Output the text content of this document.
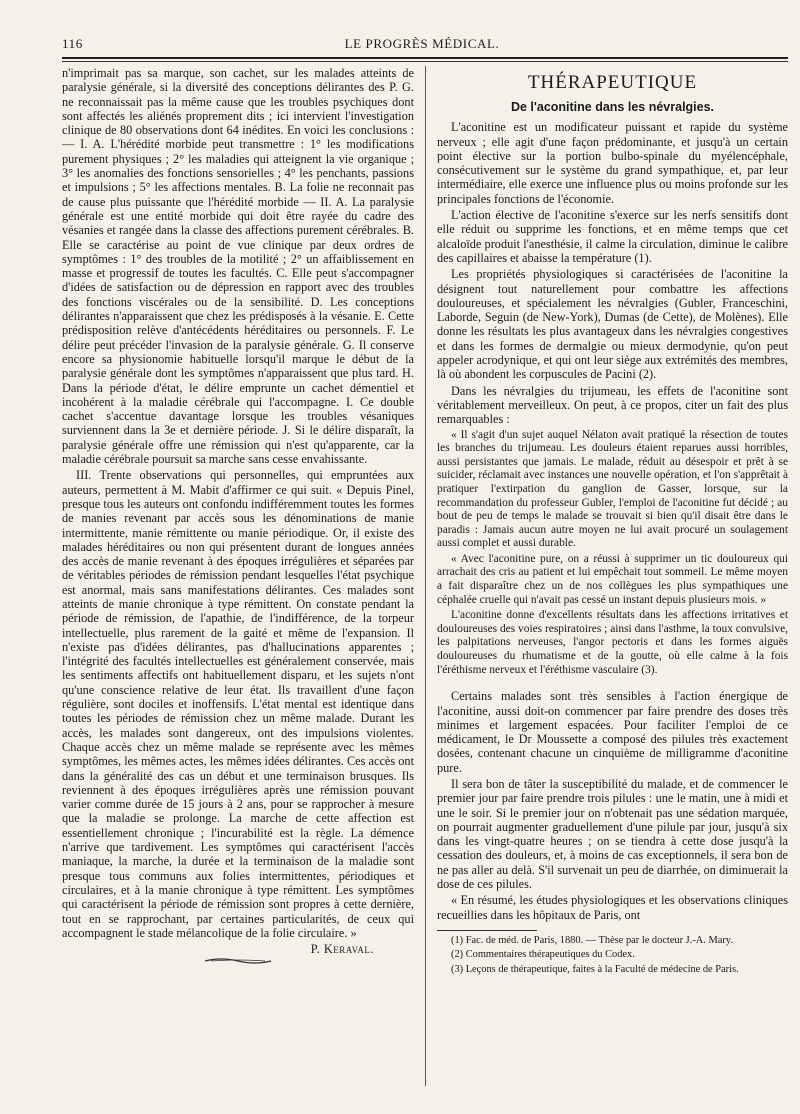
116	LE PROGRÈS MÉDICAL.

n'imprimait pas sa marque, son cachet, sur les malades atteints de paralysie générale, si la diversité des conceptions délirantes des P. G. ne reconnaissait pas la même cause que les troubles psychiques dont sont affectés les aliénés proprement dits ; ici intervient l'investigation clinique de 80 observations dont 64 inédites. En voici les conclusions : — I. A. L'hérédité morbide peut transmettre : 1° les modifications purement physiques ; 2° les maladies qui atteignent la vie organique ; 3° les anomalies des fonctions sensorielles ; 4° les penchants, passions et impulsions ; 5° les affections mentales. B. La folie ne reconnait pas de cause plus puissante que l'hérédité morbide — II. A. La paralysie générale est une entité morbide qui doit être rayée du cadre des vésanies et rangée dans la classe des affections purement cérébrales. B. Elle se caractérise au point de vue clinique par deux ordres de symptômes : 1° des troubles de la motilité ; 2° un affaiblissement en masse et progressif de toutes les facultés. C. Elle peut s'accompagner d'idées de satisfaction ou de dépression en rapport avec des troubles des fonctions viscérales ou de la sensibilité. D. Les conceptions délirantes n'apparaissent que chez les prédisposés à la vésanie. E. Cette prédisposition relève d'antécédents héréditaires ou personnels. F. Le délire peut précéder l'invasion de la paralysie générale. G. Il conserve encore sa physionomie habituelle lorsqu'il marque le début de la paralysie générale dont les symptômes n'apparaissent que plus tard. H. Dans la période d'état, le délire emprunte un cachet démentiel et incohérent à la maladie cérébrale qui l'accompagne. I. Ce double cachet s'accentue davantage lorsque les troubles vésaniques surviennent dans la 3e et dernière période. J. Si le délire disparaît, la paralysie générale offre une rémission qui n'est qu'apparente, car la maladie cérébrale poursuit sa marche sans cesse envahissante.

III. Trente observations qui personnelles, qui empruntées aux auteurs, permettent à M. Mabit d'affirmer ce qui suit. « Depuis Pinel, presque tous les auteurs ont confondu indifféremment toutes les formes de manies revenant par accès sous les dénominations de manie intermittente, manie rémittente ou manie périodique. Or, il existe des malades héréditaires ou non qui présentent durant de longues années des accès de manie revenant à des époques irrégulières et séparées par de véritables périodes de rémission pendant lesquelles l'état psychique est anormal, mais sans manifestations délirantes. Ces malades sont atteints de manie chronique à type rémittent. On constate pendant la période de rémission, de l'apathie, de l'indifférence, de la torpeur intellectuelle, plus rarement de la gaité et même de l'expansion. Il n'existe pas d'idées délirantes, pas d'hallucinations apparentes ; l'intégrité des facultés intellectuelles est généralement conservée, mais les sentiments affectifs ont habituellement disparu, et les sujets n'ont qu'une conscience relative de leur état. Ils travaillent d'une façon régulière, sont dociles et inoffensifs. L'état mental est identique dans toutes les périodes de rémission chez un même malade. Durant les accès, les malades sont dangereux, ont des impulsions violentes. Chaque accès chez un même malade se représente avec les mêmes symptômes, les mêmes actes, les mêmes idées délirantes. Ces accès ont dans la généralité des cas un début et une terminaison brusques. Ils reviennent à des époques irrégulières après une rémission pouvant varier comme durée de 15 jours à 2 ans, pour se rapprocher à mesure que la maladie se prolonge. La marche de cette affection est essentiellement chronique ; l'incurabilité est la règle. La démence n'arrive que tardivement. Les symptômes qui caractérisent l'accès maniaque, la marche, la durée et la terminaison de la maladie sont presque tous communs aux folies intermittentes, périodiques et circulaires, et à la manie chronique à type rémittent. Les symptômes qui caractérisent la période de rémission sont propres à cette dernière, tout en se rapprochant, par certaines particularités, de ceux qui accompagnent le stade mélancolique de la folie circulaire. »

P. Keraval.
THÉRAPEUTIQUE
De l'aconitine dans les névralgies.

L'aconitine est un modificateur puissant et rapide du système nerveux ; elle agit d'une façon prédominante, et jusqu'à un certain point élective sur la portion bulbo-spinale du myélencéphale, consécutivement sur le système du grand sympathique, et, par leur intermédiaire, elle exerce une influence plus ou moins profonde sur les principales fonctions de l'économie.

L'action élective de l'aconitine s'exerce sur les nerfs sensitifs dont elle réduit ou supprime les fonctions, et en même temps que cet alcaloïde produit l'anesthésie, il calme la circulation, diminue le calibre des capillaires et abaisse la température (1).

Les propriétés physiologiques si caractérisées de l'aconitine la désignent tout naturellement pour combattre les affections douloureuses, et spécialement les névralgies (Gubler, Franceschini, Laborde, Seguin (de New-York), Dumas (de Cette), de Molènes). Elle donne les résultats les plus avantageux dans les névralgies congestives et dans les formes de dermalgie ou mieux dermodynie, qu'on peut appeler acrodynique, et qui ont leur siège aux extrémités des membres, là où abondent les corpuscules de Pacini (2).

Dans les névralgies du trijumeau, les effets de l'aconitine sont véritablement merveilleux. On peut, à ce propos, citer un fait des plus remarquables :

« Il s'agit d'un sujet auquel Nélaton avait pratiqué la résection de toutes les branches du trijumeau. Les douleurs étaient reparues aussi horribles, aussi persistantes que jamais. Le malade, réduit au désespoir et prêt à se suicider, réclamait avec instances une nouvelle opération, et l'on s'apprêtait à pratiquer l'extirpation du ganglion de Gasser, lorsque, sur la recommandation du professeur Gubler, l'emploi de l'aconitine fut décidé ; au bout de peu de temps le malade se trouvait si bien qu'il disait être dans le paradis : Jamais aucun autre moyen ne lui avait procuré un soulagement aussi complet et aussi durable.

« Avec l'aconitine pure, on a réussi à supprimer un tic douloureux qui arrachait des cris au patient et lui empêchait tout sommeil. Le même moyen a fait disparaître chez un de nos collègues les plus sympathiques une céphalée cruelle qui n'avait pas cessé un instant depuis plusieurs mois. »

L'aconitine donne d'excellents résultats dans les affections irritatives et douloureuses des voies respiratoires ; ainsi dans l'asthme, la toux convulsive, les palpitations nerveuses, l'angor pectoris et dans les formes aiguës douloureuses du rhumatisme et de la goutte, où elle calme à la fois l'éréthisme nerveux et l'éréthisme vasculaire (3).

Certains malades sont très sensibles à l'action énergique de l'aconitine, aussi doit-on commencer par faire prendre des doses très minimes et largement espacées. Pour faciliter l'emploi de ce médicament, le Dr Moussette a composé des pilules très exactement dosées, contenant chacune un cinquième de milligramme d'aconitine pure.

Il sera bon de tâter la susceptibilité du malade, et de commencer le premier jour par faire prendre trois pilules : une le matin, une à midi et une le soir. Si le premier jour on n'obtenait pas une sédation marquée, on pourrait augmenter graduellement d'une pilule par jour, jusqu'à six dans les vingt-quatre heures ; on se tiendra à cette dose jusqu'à la cessation des douleurs, et, à moins de cas exceptionnels, il sera bon de ne pas aller au delà. S'il survenait un peu de diarrhée, on diminuerait la dose de ces pilules.

« En résumé, les études physiologiques et les observations cliniques recueillies dans les hôpitaux de Paris, ont

(1) Fac. de méd. de Paris, 1880. — Thèse par le docteur J.-A. Mary.

(2) Commentaires thérapeutiques du Codex.

(3) Leçons de thérapeutique, faites à la Faculté de médecine de Paris.
